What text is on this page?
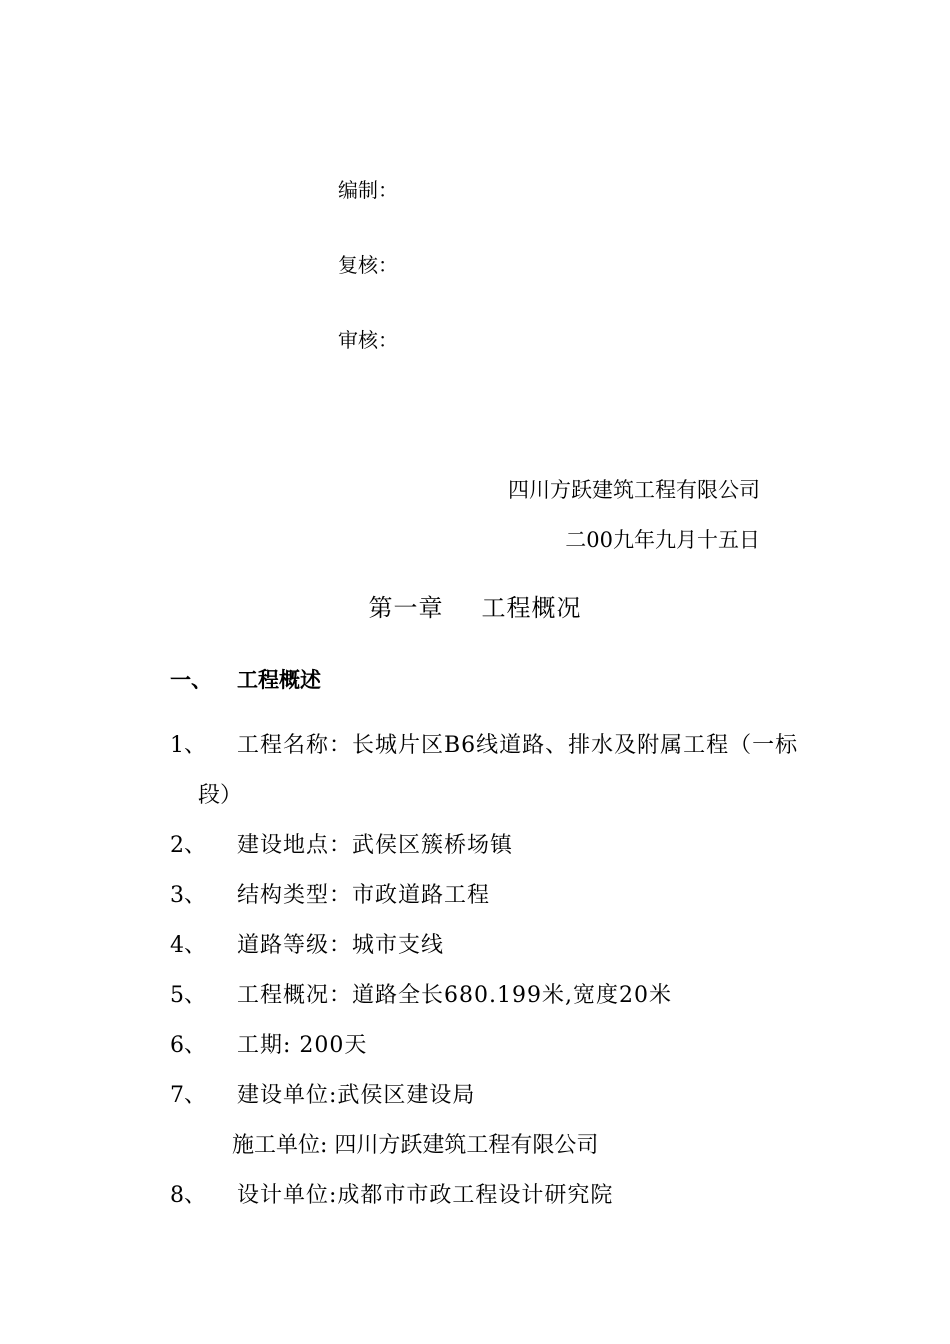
编制：
复核：
审核：
四川方跃建筑工程有限公司
二00九年九月十五日
第一章 工程概况
一、 工程概述
1、 工程名称：长城片区B6线道路、排水及附属工程（一标
段）
2、 建设地点：武侯区簇桥场镇
3、 结构类型：市政道路工程
4、 道路等级：城市支线
5、 工程概况：道路全长680.199米,宽度20米
6、 工期: 200天
7、 建设单位:武侯区建设局
施工单位: 四川方跃建筑工程有限公司
8、 设计单位:成都市市政工程设计研究院
